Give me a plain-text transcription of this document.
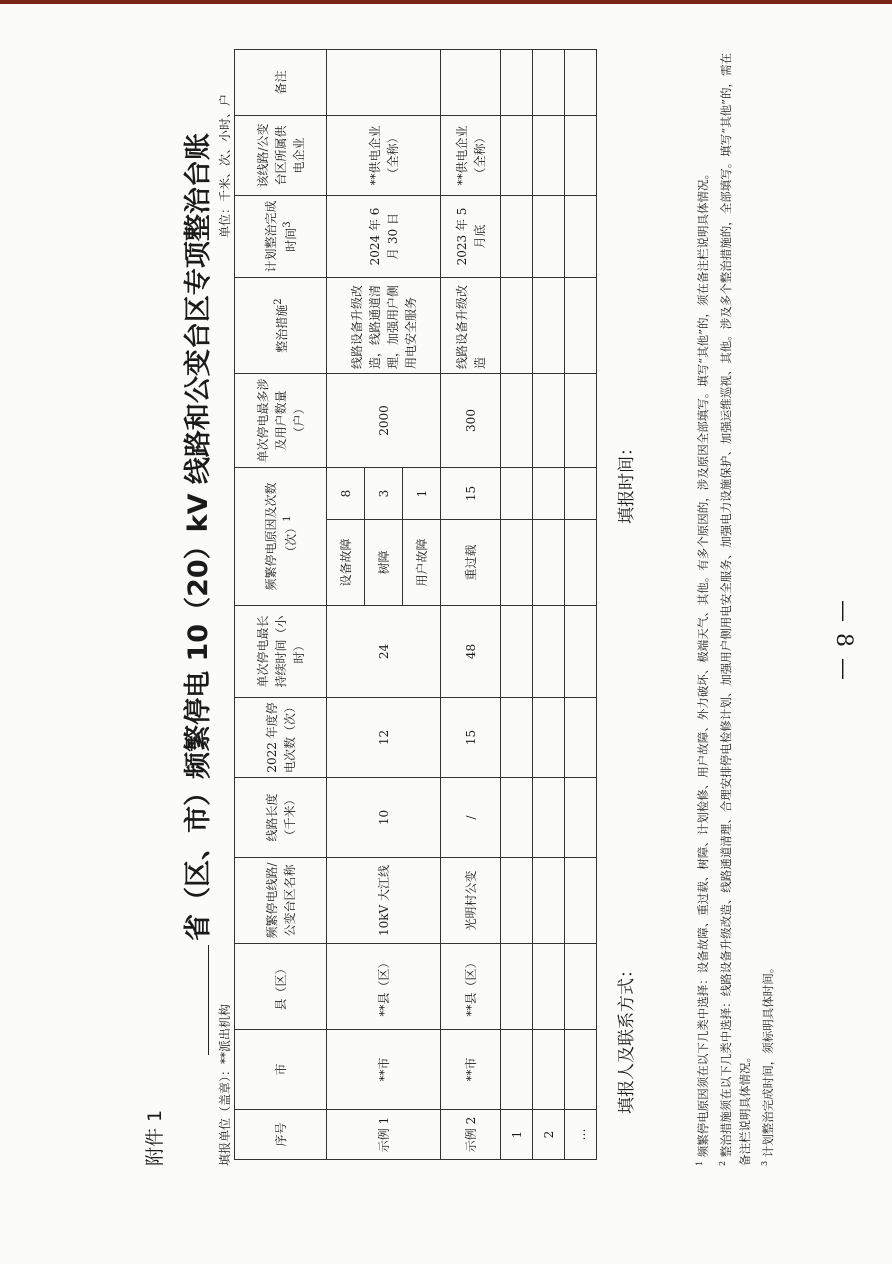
— 8 —
附件 1
省（区、市）频繁停电 10（20）kV 线路和公变台区专项整治台账
填报单位（盖章）：**派出机构
单位：千米、次、小时、户
序号	市	县（区）	频繁停电线路/公变台区名称	线路长度（千米）	2022 年度停电次数（次）	单次停电最长持续时间（小时）	频繁停电原因及次数（次）$^1$		单次停电最多涉及用户数量（户）	整治措施$^2$	计划整治完成时间$^3$	该线路/公变台区所属供电企业	备注
示例 1	**市	**县（区）	10kV 大江线	10	12	24	设备故障	8	2000	线路设备升级改造，线路通道清理，加强用户侧用电安全服务	2024 年 6 月 30 日	**供电企业（全称）	
							树障	3					
							用户故障	1					
示例 2	**市	**县（区）	光明村公变	/	15	48	重过载	15	300	线路设备升级改造	2023 年 5 月底	**供电企业（全称）	
1													
2													
…													
填报人及联系方式：
填报时间：

$^1$ 频繁停电原因须在以下几类中选择：设备故障、重过载、树障、计划检修、用户故障、外力破坏、极端天气、其他。有多个原因的，涉及原因全部填写。填写“其他”的，须在备注栏说明具体情况。

$^2$ 整治措施须在以下几类中选择：线路设备升级改造、线路通道清理、合理安排停电检修计划、加强用户侧用电安全服务、加强电力设施保护、加强运维巡视、其他。涉及多个整治措施的，全部填写。填写“其他”的，需在备注栏说明具体情况。	$^3$ 计划整治完成时间，须标明具体时间。
